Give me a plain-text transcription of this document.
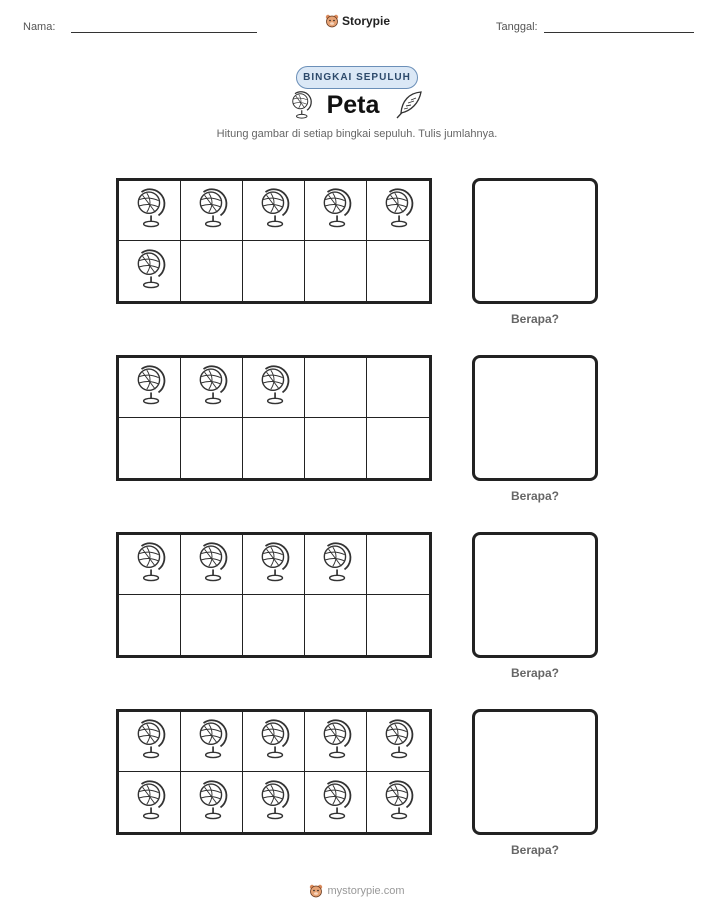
Nama:	Storypie	Tanggal:
BINGKAI SEPULUH
Peta
Hitung gambar di setiap bingkai sepuluh. Tulis jumlahnya.
Berapa?
Berapa?
Berapa?
Berapa?
mystorypie.com
